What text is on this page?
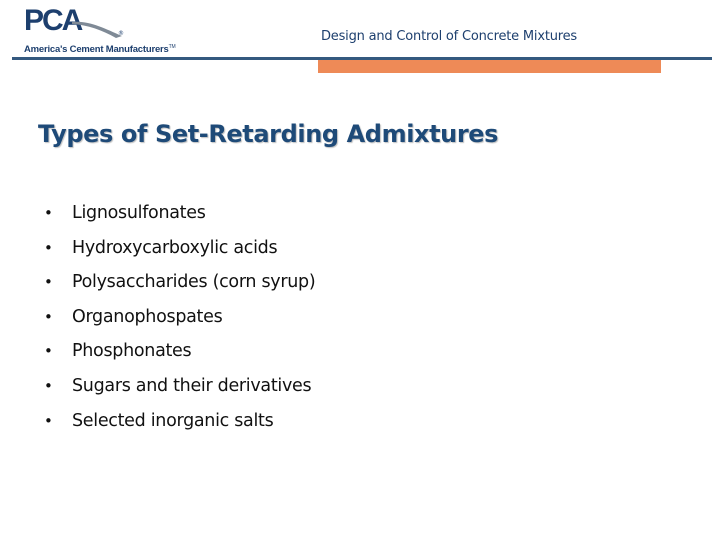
PCA	®
America's Cement Manufacturers™
Design and Control of Concrete Mixtures
Types of Set-Retarding Admixtures
• Lignosulfonates
• Hydroxycarboxylic acids
• Polysaccharides (corn syrup)
• Organophospates
• Phosphonates
• Sugars and their derivatives
• Selected inorganic salts
